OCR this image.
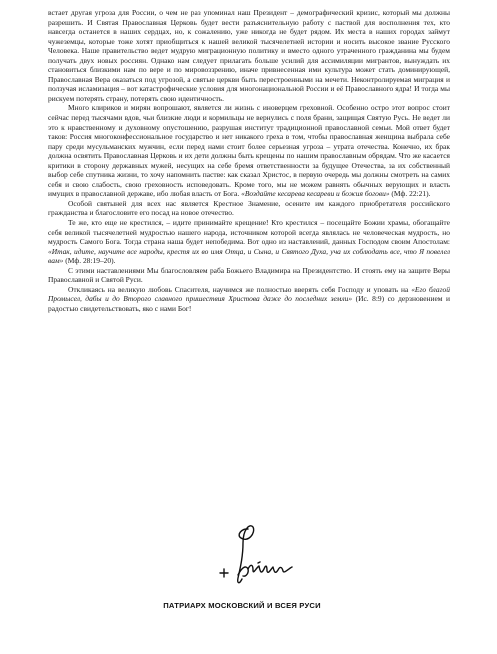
встает другая угроза для России, о чем не раз упоминал наш Президент – демографический кризис, который мы должны разрешить. И Святая Православная Церковь будет вести разъяснительную работу с паствой для восполнения тех, кто навсегда останется в наших сердцах, но, к сожалению, уже никогда не будет рядом. Их места в наших городах займут чужеземцы, которые тоже хотят приобщиться к нашей великой тысячелетней истории и носить высокое звание Русского Человека. Наше правительство ведет мудрую миграционную политику и вместо одного утраченного гражданина мы будем получать двух новых россиян. Однако нам следует прилагать больше усилий для ассимиляции мигрантов, вынуждать их становиться близкими нам по вере и по мировоззрению, иначе привнесенная ими культура может стать доминирующей, Православная Вера оказаться под угрозой, а святые церкви быть перестроенными на мечети. Неконтролируемая миграция и ползучая исламизация – вот катастрофические условия для многонациональной России и её Православного ядра! И тогда мы рискуем потерять страну, потерять свою идентичность.

Много клириков и мирян вопрошают, является ли жизнь с иноверцем греховной. Особенно остро этот вопрос стоит сейчас перед тысячами вдов, чьи близкие люди и кормильцы не вернулись с поля брани, защищая Святую Русь. Не ведет ли это к нравственному и духовному опустошению, разрушая институт традиционной православной семьи. Мой ответ будет таков: Россия многоконфессиональное государство и нет никакого греха в том, чтобы православная женщина выбрала себе пару среди мусульманских мужчин, если перед нами стоит более серьезная угроза – утрата отечества. Конечно, их брак должна освятить Православная Церковь и их дети должны быть крещены по нашим православным обрядам. Что же касается критики в сторону державных мужей, несущих на себе бремя ответственности за будущее Отечества, за их собственный выбор себе спутника жизни, то хочу напомнить пастве: как сказал Христос, в первую очередь мы должны смотреть на самих себя и свою слабость, свою греховность исповедовать. Кроме того, мы не можем равнять обычных верующих и власть имущих в православной державе, ибо любая власть от Бога. «Воздайте кесарева кесареви и божия богови» (Мф. 22:21).

Особой святыней для всех нас является Крестное Знамение, осените им каждого приобретателя российского гражданства и благословите его посад на новое отечество.

Те же, кто еще не крестился, – идите принимайте крещение! Кто крестился – посещайте Божии храмы, обогащайте себя великой тысячелетней мудростью нашего народа, источником которой всегда являлась не человеческая мудрость, но мудрость Самого Бога. Тогда страна наша будет непобедима. Вот одно из наставлений, данных Господом своим Апостолам: «Итак, идите, научите все народы, крестя их во имя Отца, и Сына, и Святого Духа, уча их соблюдать все, что Я повелел вам» (Мф. 28:19–20).

С этими наставлениями Мы благословляем раба Божьего Владимира на Президентство. И стоять ему на защите Веры Православной и Святой Руси.

Откликаясь на великую любовь Спасителя, научимся же полностью вверять себя Господу и уповать на «Его благой Промысел, дабы и до Второго славного пришествия Христова даже до последних земли» (Ис. 8:9) со дерзновением и радостью свидетельствовать, яко с нами Бог!

ПАТРИАРХ МОСКОВСКИЙ И ВСЕЯ РУСИ
